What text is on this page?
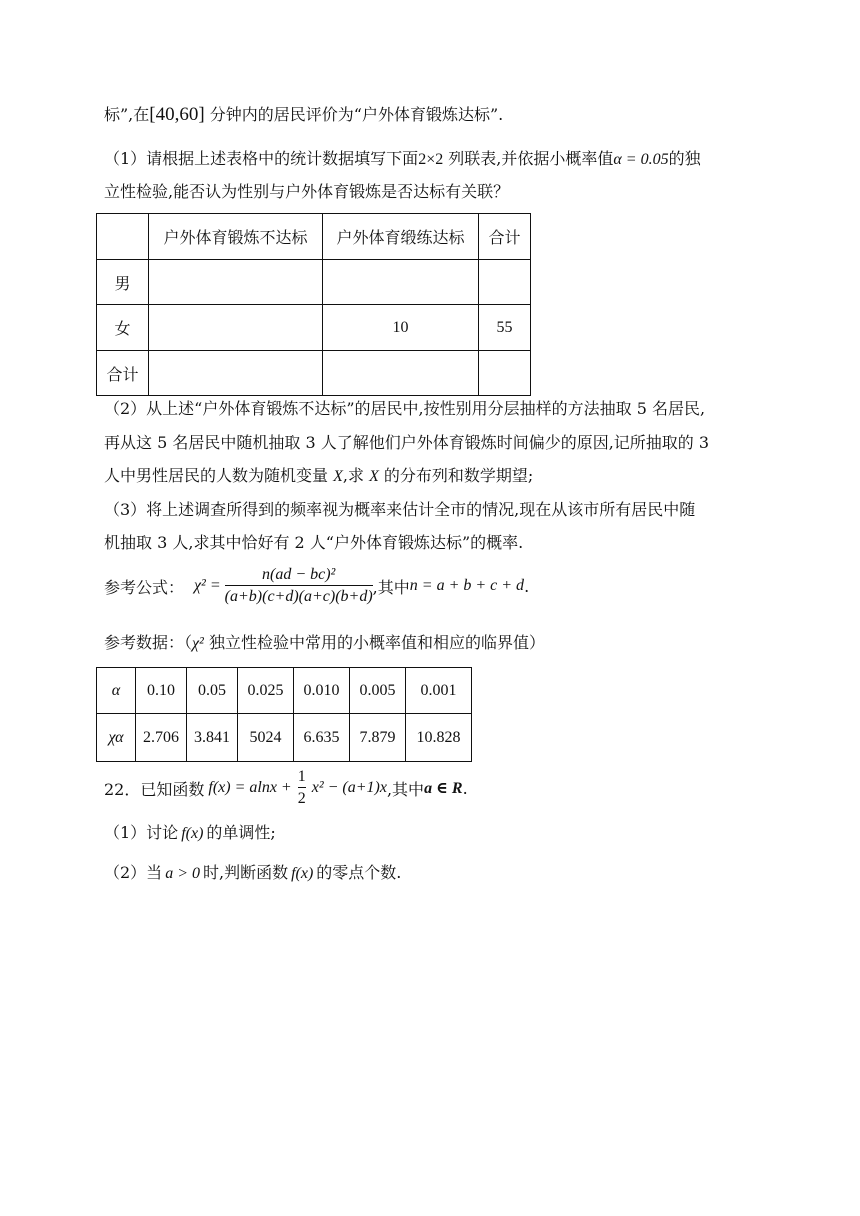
标”,在[40,60] 分钟内的居民评价为“户外体育锻炼达标”.
（1）请根据上述表格中的统计数据填写下面2×2 列联表,并依据小概率值α = 0.05的独
立性检验,能否认为性别与户外体育锻炼是否达标有关联？
	户外体育锻炼不达标	户外体育缎练达标	合计
男			
女		10	55
合计			
（2）从上述“户外体育锻炼不达标”的居民中,按性别用分层抽样的方法抽取 5 名居民,
再从这 5 名居民中随机抽取 3 人了解他们户外体育锻炼时间偏少的原因,记所抽取的 3
人中男性居民的人数为随机变量 X,求 X 的分布列和数学期望;
（3）将上述调查所得到的频率视为概率来估计全市的情况,现在从该市所有居民中随
机抽取 3 人,求其中恰好有 2 人“户外体育锻炼达标”的概率.
参考公式： $\chi^2 = \frac{\text{n(ad − bc)²}}{(a+b)(c+d)(a+c)(b+d)}$ ,其中 n = a + b + c + d .
参考数据：（χ² 独立性检验中常用的小概率值和相应的临界值）
α	0.10	0.05	0.025	0.010	0.005	0.001
χα	2.706	3.841	5024	6.635	7.879	10.828
22．已知函数 $f(x) = alnx + \frac{1}{2} x^2 - (a+1)x$ ,其中 a ∈ R .
（1）讨论 f(x) 的单调性;
（2）当 a > 0 时,判断函数 f(x) 的零点个数.
